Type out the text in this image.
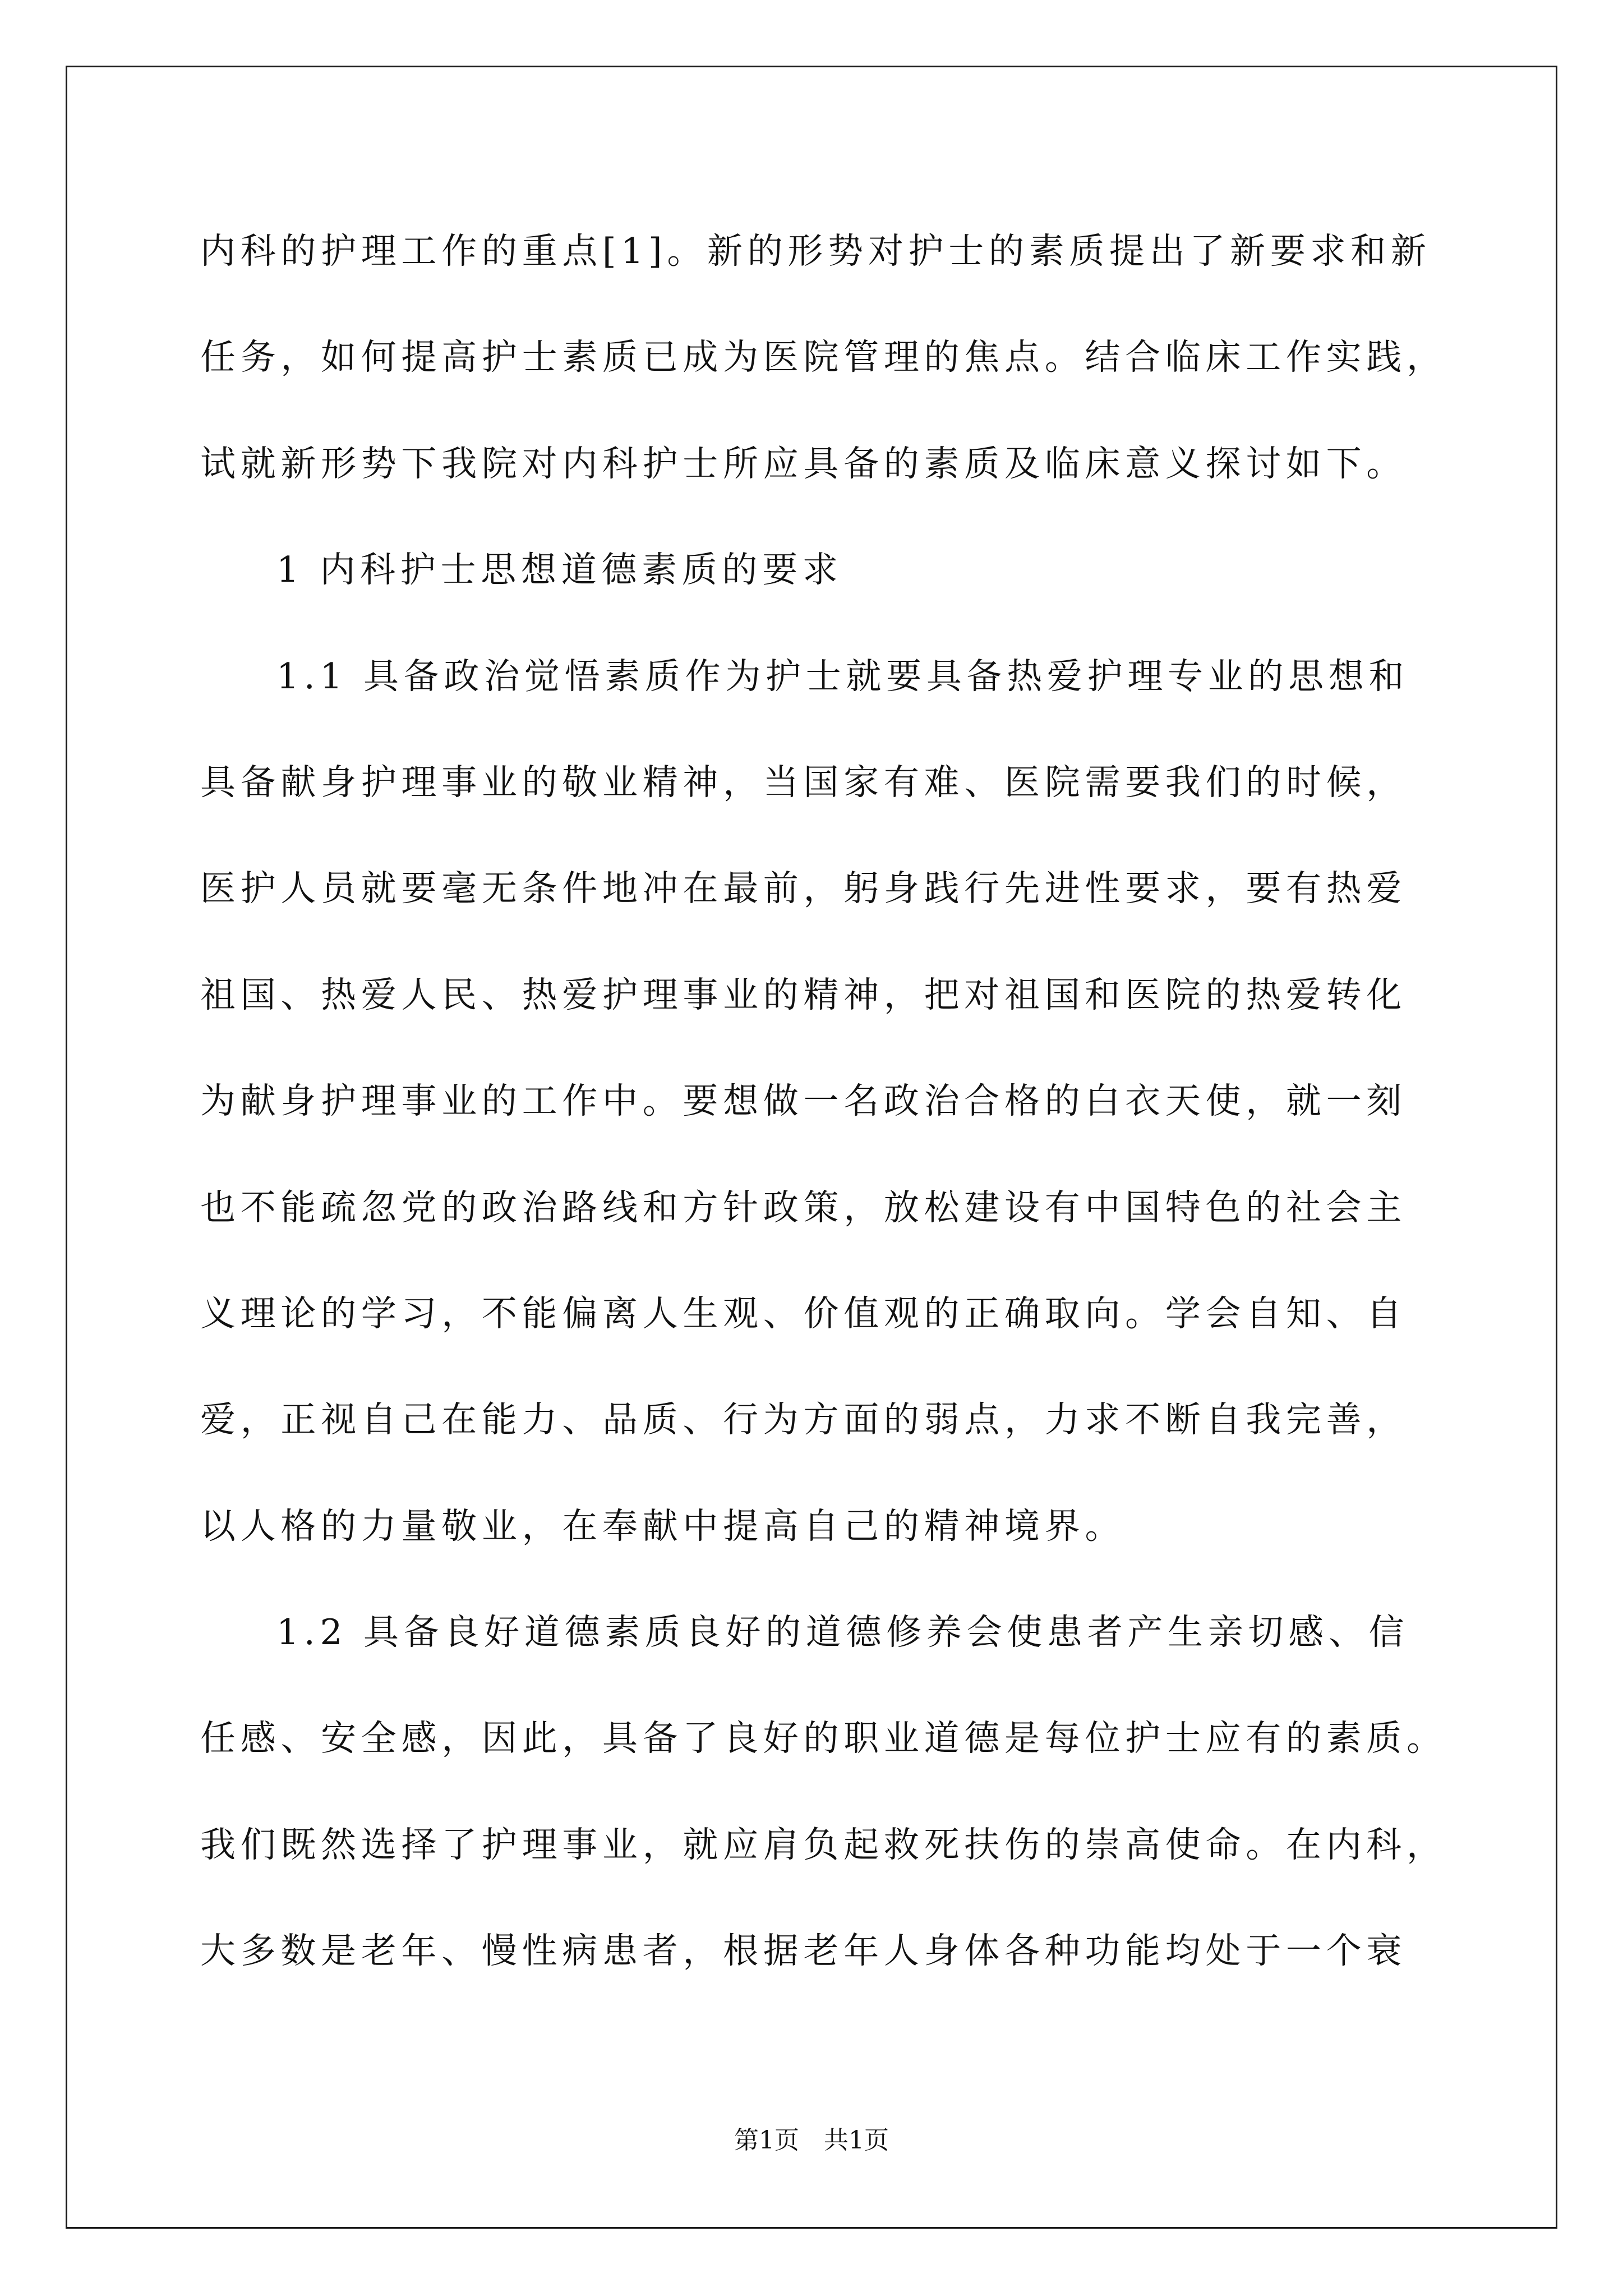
内科的护理工作的重点[1]。新的形势对护士的素质提出了新要求和新
任务，如何提高护士素质已成为医院管理的焦点。结合临床工作实践，
试就新形势下我院对内科护士所应具备的素质及临床意义探讨如下。
1 内科护士思想道德素质的要求
1.1 具备政治觉悟素质作为护士就要具备热爱护理专业的思想和
具备献身护理事业的敬业精神，当国家有难、医院需要我们的时候，
医护人员就要毫无条件地冲在最前，躬身践行先进性要求，要有热爱
祖国、热爱人民、热爱护理事业的精神，把对祖国和医院的热爱转化
为献身护理事业的工作中。要想做一名政治合格的白衣天使，就一刻
也不能疏忽党的政治路线和方针政策，放松建设有中国特色的社会主
义理论的学习，不能偏离人生观、价值观的正确取向。学会自知、自
爱，正视自己在能力、品质、行为方面的弱点，力求不断自我完善，
以人格的力量敬业，在奉献中提高自己的精神境界。
1.2 具备良好道德素质良好的道德修养会使患者产生亲切感、信
任感、安全感，因此，具备了良好的职业道德是每位护士应有的素质。
我们既然选择了护理事业，就应肩负起救死扶伤的崇高使命。在内科，
大多数是老年、慢性病患者，根据老年人身体各种功能均处于一个衰
第1页 共1页
